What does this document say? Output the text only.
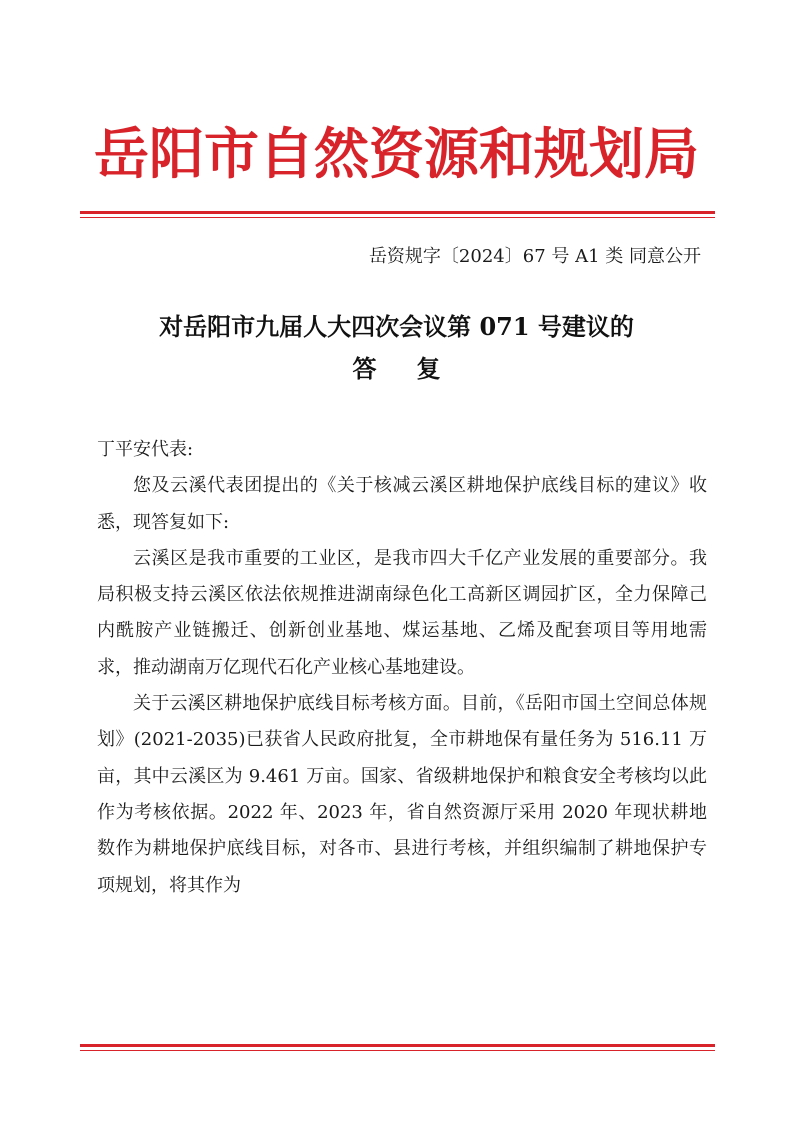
岳阳市自然资源和规划局
岳资规字〔2024〕67 号 A1 类 同意公开
对岳阳市九届人大四次会议第 071 号建议的
答复

丁平安代表:

您及云溪代表团提出的《关于核减云溪区耕地保护底线目标的建议》收悉，现答复如下:

云溪区是我市重要的工业区，是我市四大千亿产业发展的重要部分。我局积极支持云溪区依法依规推进湖南绿色化工高新区调园扩区，全力保障己内酰胺产业链搬迁、创新创业基地、煤运基地、乙烯及配套项目等用地需求，推动湖南万亿现代石化产业核心基地建设。

关于云溪区耕地保护底线目标考核方面。目前，《岳阳市国土空间总体规划》(2021-2035)已获省人民政府批复，全市耕地保有量任务为 516.11 万亩，其中云溪区为 9.461 万亩。国家、省级耕地保护和粮食安全考核均以此作为考核依据。2022 年、2023 年，省自然资源厅采用 2020 年现状耕地数作为耕地保护底线目标，对各市、县进行考核，并组织编制了耕地保护专项规划，将其作为
